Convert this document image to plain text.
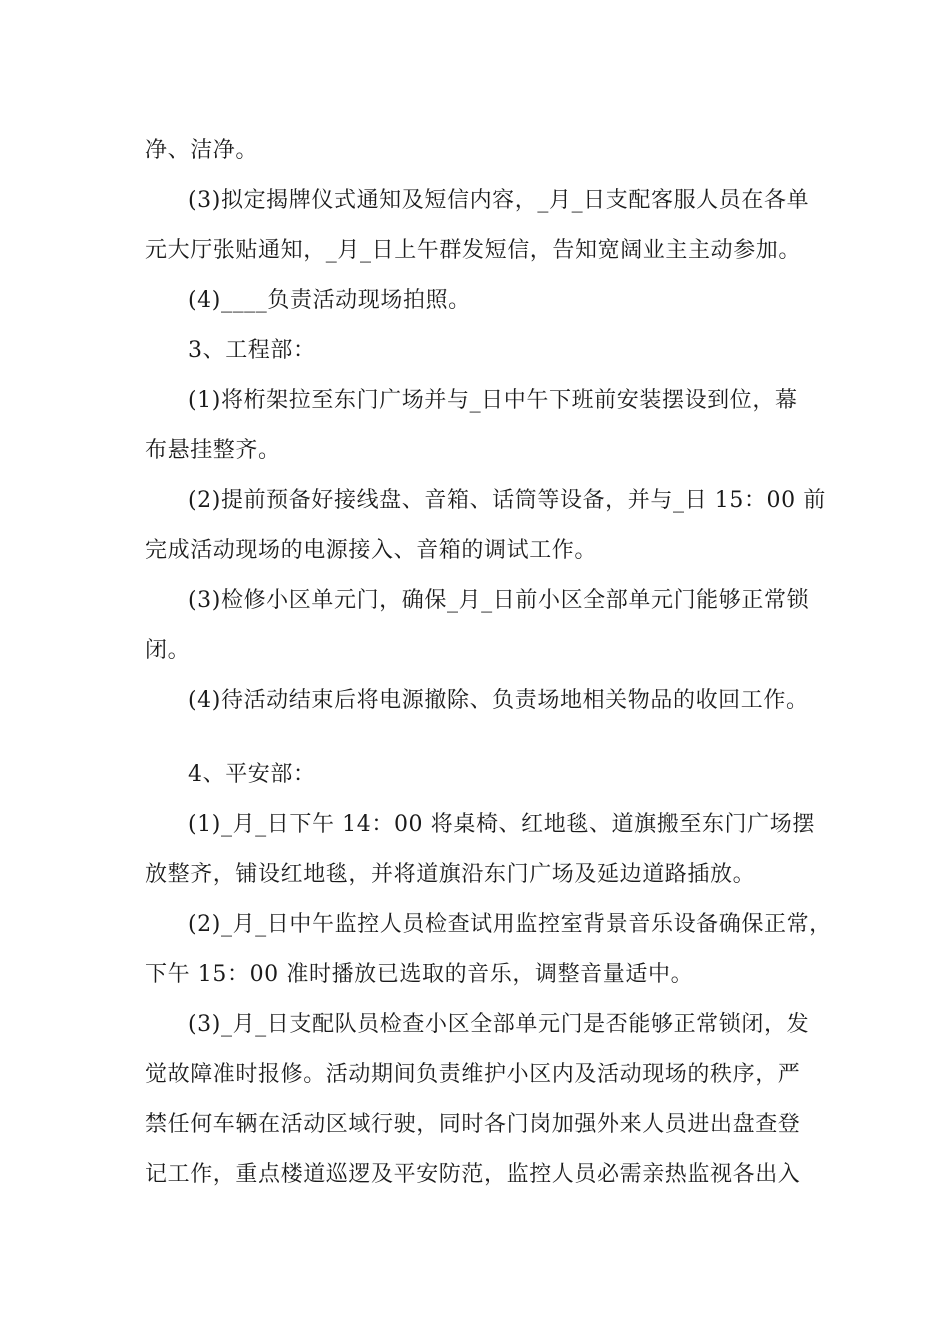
净、洁净。
(3)拟定揭牌仪式通知及短信内容，_月_日支配客服人员在各单
元大厅张贴通知，_月_日上午群发短信，告知宽阔业主主动参加。
(4)____负责活动现场拍照。
3、工程部：
(1)将桁架拉至东门广场并与_日中午下班前安装摆设到位，幕
布悬挂整齐。
(2)提前预备好接线盘、音箱、话筒等设备，并与_日 15：00 前
完成活动现场的电源接入、音箱的调试工作。
(3)检修小区单元门，确保_月_日前小区全部单元门能够正常锁
闭。
(4)待活动结束后将电源撤除、负责场地相关物品的收回工作。
4、平安部：
(1)_月_日下午 14：00 将桌椅、红地毯、道旗搬至东门广场摆
放整齐，铺设红地毯，并将道旗沿东门广场及延边道路插放。
(2)_月_日中午监控人员检查试用监控室背景音乐设备确保正常，
下午 15：00 准时播放已选取的音乐，调整音量适中。
(3)_月_日支配队员检查小区全部单元门是否能够正常锁闭，发
觉故障准时报修。活动期间负责维护小区内及活动现场的秩序，严
禁任何车辆在活动区域行驶，同时各门岗加强外来人员进出盘查登
记工作，重点楼道巡逻及平安防范，监控人员必需亲热监视各出入
